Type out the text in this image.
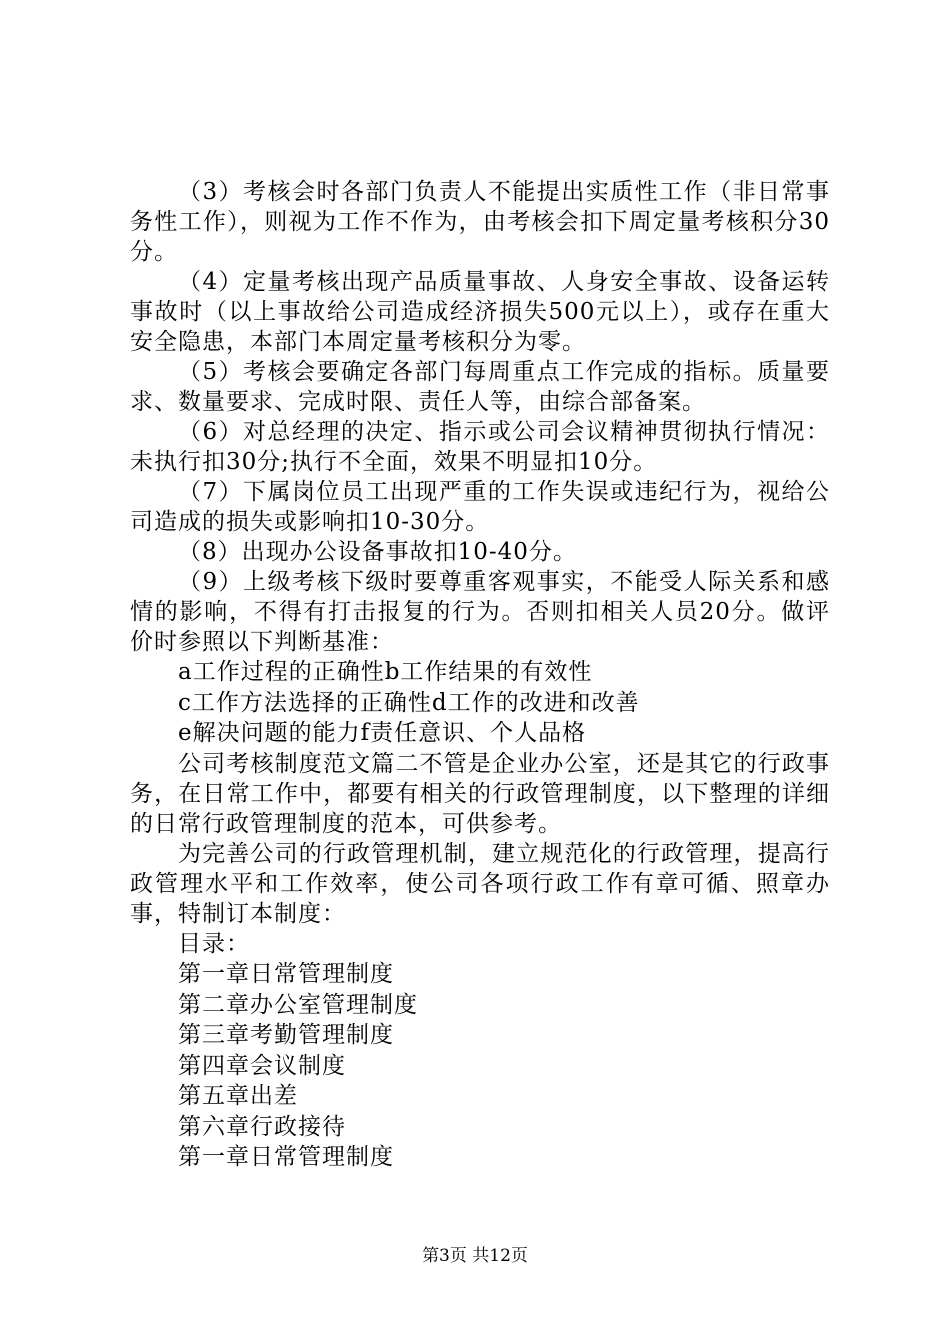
（3）考核会时各部门负责人不能提出实质性工作（非日常事务性工作），则视为工作不作为，由考核会扣下周定量考核积分30分。

（4）定量考核出现产品质量事故、人身安全事故、设备运转事故时（以上事故给公司造成经济损失500元以上），或存在重大安全隐患，本部门本周定量考核积分为零。

（5）考核会要确定各部门每周重点工作完成的指标。质量要求、数量要求、完成时限、责任人等，由综合部备案。

（6）对总经理的决定、指示或公司会议精神贯彻执行情况：未执行扣30分;执行不全面，效果不明显扣10分。

（7）下属岗位员工出现严重的工作失误或违纪行为，视给公司造成的损失或影响扣10-30分。

（8）出现办公设备事故扣10-40分。

（9）上级考核下级时要尊重客观事实，不能受人际关系和感情的影响，不得有打击报复的行为。否则扣相关人员20分。做评价时参照以下判断基准：

a工作过程的正确性b工作结果的有效性

c工作方法选择的正确性d工作的改进和改善

e解决问题的能力f责任意识、个人品格

公司考核制度范文篇二不管是企业办公室，还是其它的行政事务，在日常工作中，都要有相关的行政管理制度，以下整理的详细的日常行政管理制度的范本，可供参考。

为完善公司的行政管理机制，建立规范化的行政管理，提高行政管理水平和工作效率，使公司各项行政工作有章可循、照章办事，特制订本制度：

目录：

第一章日常管理制度

第二章办公室管理制度

第三章考勤管理制度

第四章会议制度

第五章出差

第六章行政接待

第一章日常管理制度

第3页 共12页
